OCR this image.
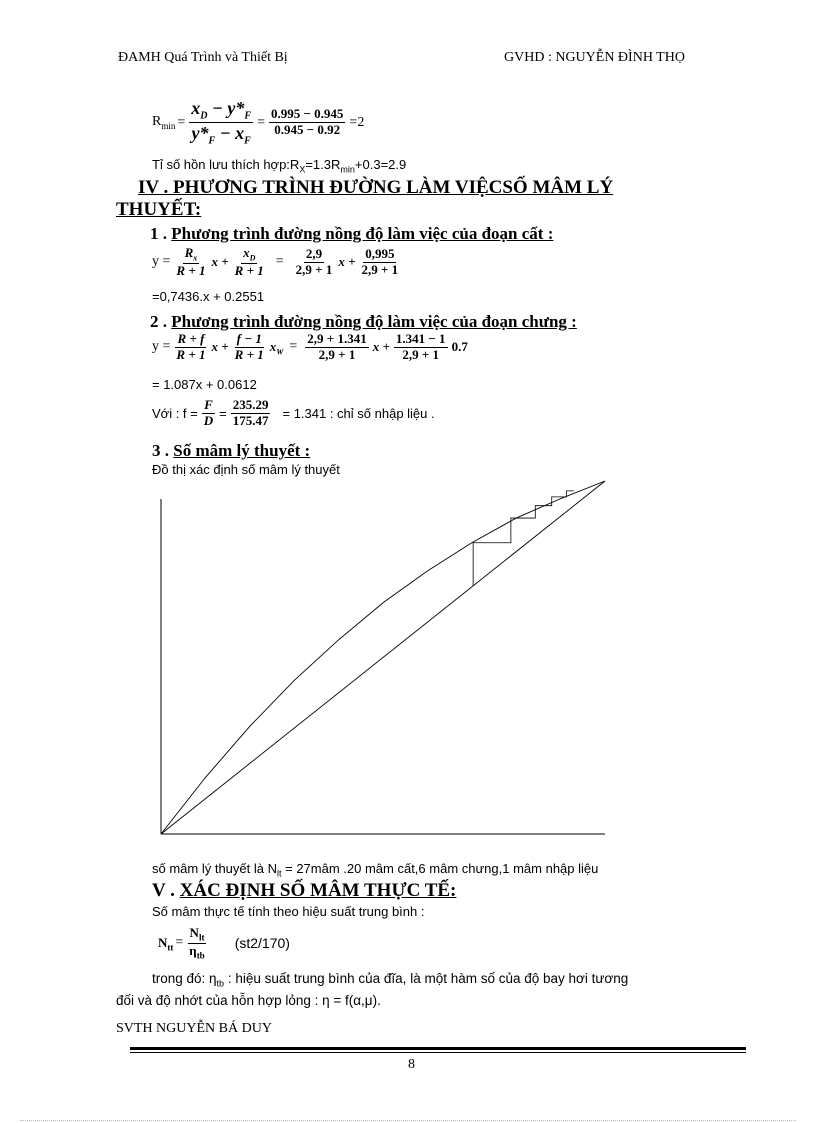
ĐAMH Quá Trình và Thiết Bị	GVHD : NGUYỄN ĐÌNH THỌ
$R_{min} = \frac{x_D - y*_F}{y*_F - x_F} = \frac{0.995 - 0.945}{0.945 - 0.92} =2$
Tỉ số hồn lưu thích $hợp:R_X=1.3R_{min}+0.3=2.9$
IV . PHƯƠNG TRÌNH ĐƯỜNG LÀM VIỆCSỐ MÂM LÝ
THUYẾT:
1 . Phương trình đường nồng độ làm việc của đoạn cất :
$y = \frac{R_x}{R + 1}$ $x + \frac{x_D}{R + 1} = \frac{2,9}{2,9 + 1}$ $x + \frac{0,995}{2,9 + 1}$
=0,7436.x + 0.2551
2 . Phương trình đường nồng độ làm việc của đoạn chưng :
$y = \frac{R + f}{R + 1}$ $x + \frac{f - 1}{R + 1} x_W = \frac{2,9 + 1.341}{2,9 + 1}$ $x + \frac{1.341 - 1}{2,9 + 1} 0.7$
= 1.087x + 0.0612
Với : $f = \frac{F}{D} = \frac{235.29}{175.47} = 1.341$ : chỉ số nhập liệu .
3 . Số mâm lý thuyết :
Đồ thị xác định số mâm lý thuyết
số mâm lý thuyết là $N_{lt}$ = 27mâm .20 mâm cất,6 mâm chưng,1 mâm nhập liệu
V . XÁC ĐỊNH SỐ MÂM THỰC TẾ:
Số mâm thực tế tính theo hiệu suất trung bình :
$N_{tt} = \frac{N_{lt}}{\eta_{tb}} (st2/170)$
trong đó: $\eta_{tb}$ : hiệu suất trung bình của đĩa, là một hàm số của độ bay hơi tương
đối và độ nhớt của hỗn hợp lỏng : η = f(α,μ).
SVTH NGUYỄN BÁ DUY
8
